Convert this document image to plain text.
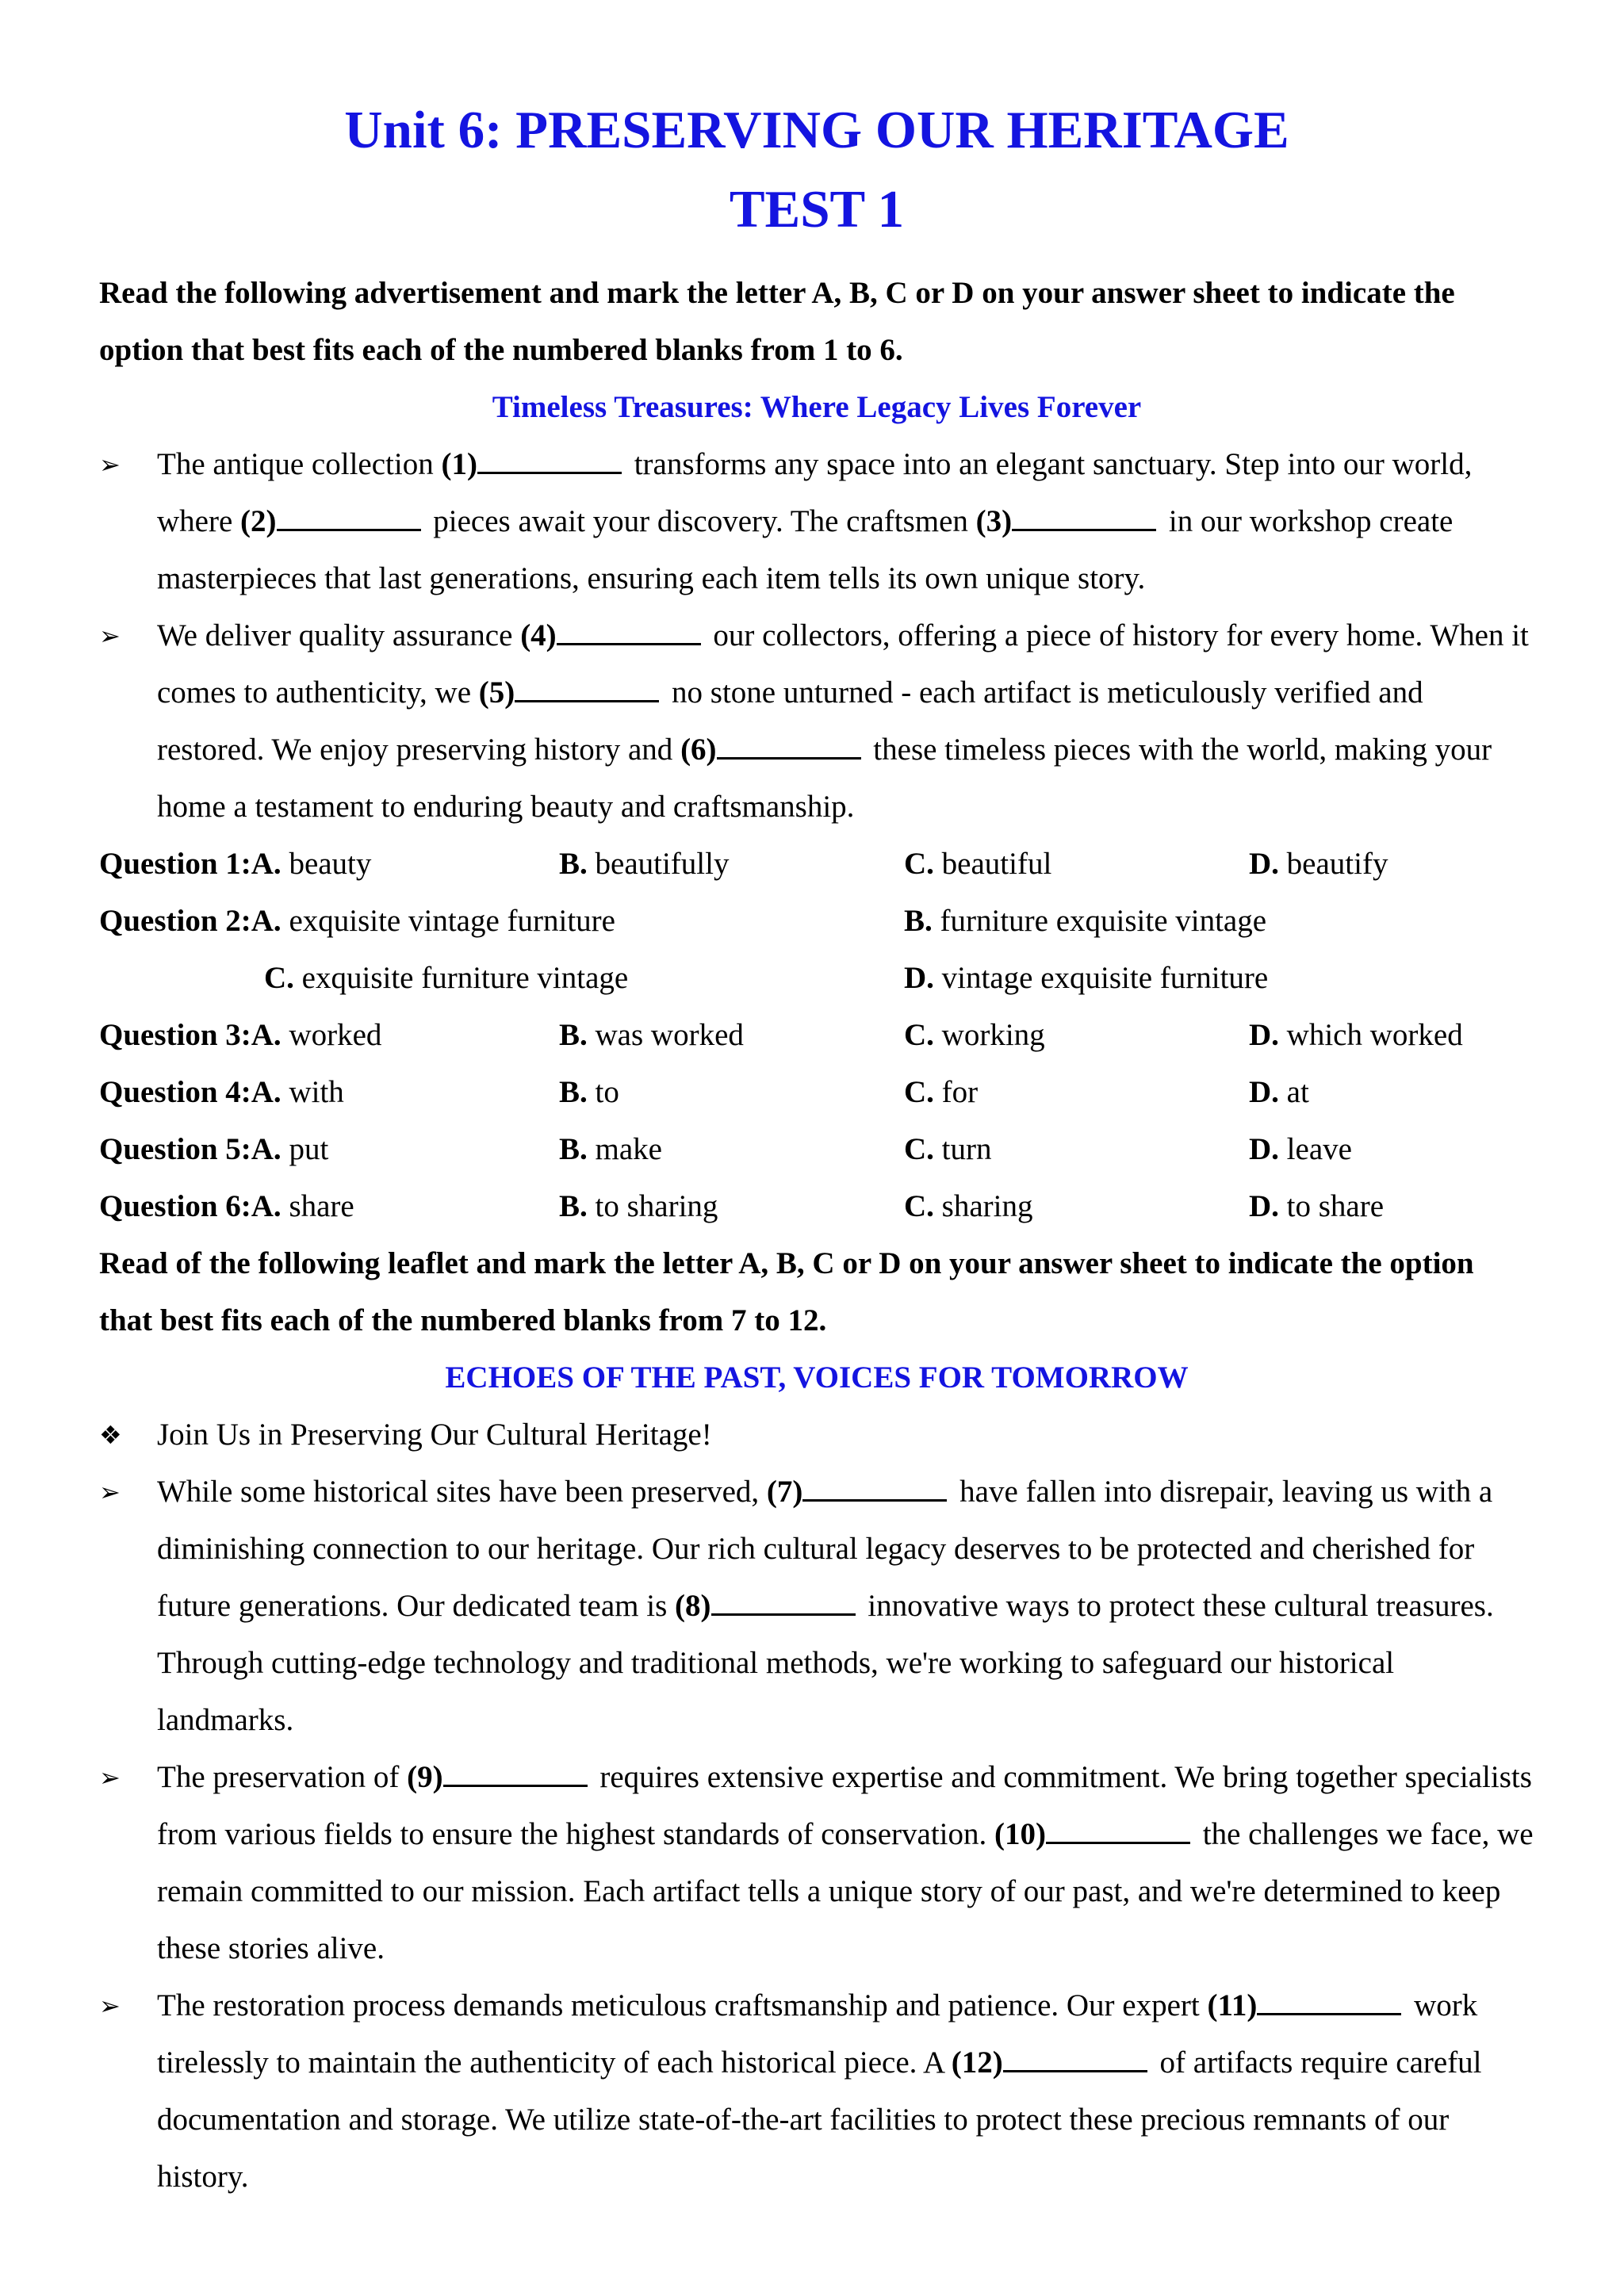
Unit 6: PRESERVING OUR HERITAGE
TEST 1

Read the following advertisement and mark the letter A, B, C or D on your answer sheet to indicate the option that best fits each of the numbered blanks from 1 to 6.

Timeless Treasures: Where Legacy Lives Forever

➢ The antique collection (1)	transforms any space into an elegant sanctuary. Step into our world, where (2)	pieces await your discovery. The craftsmen (3)	in our workshop create masterpieces that last generations, ensuring each item tells its own unique story.

➢ We deliver quality assurance (4)	our collectors, offering a piece of history for every home. When it comes to authenticity, we (5)	no stone unturned - each artifact is meticulously verified and restored. We enjoy preserving history and (6)	these timeless pieces with the world, making your home a testament to enduring beauty and craftsmanship.

Question 1:A. beauty	B. beautifully	C. beautiful	D. beautify
Question 2:A. exquisite vintage furniture	B. furniture exquisite vintage
C. exquisite furniture vintage	D. vintage exquisite furniture
Question 3:A. worked	B. was worked	C. working	D. which worked
Question 4:A. with	B. to	C. for	D. at
Question 5:A. put	B. make	C. turn	D. leave
Question 6:A. share	B. to sharing	C. sharing	D. to share

Read of the following leaflet and mark the letter A, B, C or D on your answer sheet to indicate the option that best fits each of the numbered blanks from 7 to 12.

ECHOES OF THE PAST, VOICES FOR TOMORROW

❖ Join Us in Preserving Our Cultural Heritage!

➢ While some historical sites have been preserved, (7)	have fallen into disrepair, leaving us with a diminishing connection to our heritage. Our rich cultural legacy deserves to be protected and cherished for future generations. Our dedicated team is (8)	innovative ways to protect these cultural treasures. Through cutting-edge technology and traditional methods, we're working to safeguard our historical landmarks.

➢ The preservation of (9)	requires extensive expertise and commitment. We bring together specialists from various fields to ensure the highest standards of conservation. (10)	the challenges we face, we remain committed to our mission. Each artifact tells a unique story of our past, and we're determined to keep these stories alive.

➢ The restoration process demands meticulous craftsmanship and patience. Our expert (11)	work tirelessly to maintain the authenticity of each historical piece. A (12)	of artifacts require careful documentation and storage. We utilize state-of-the-art facilities to protect these precious remnants of our history.
